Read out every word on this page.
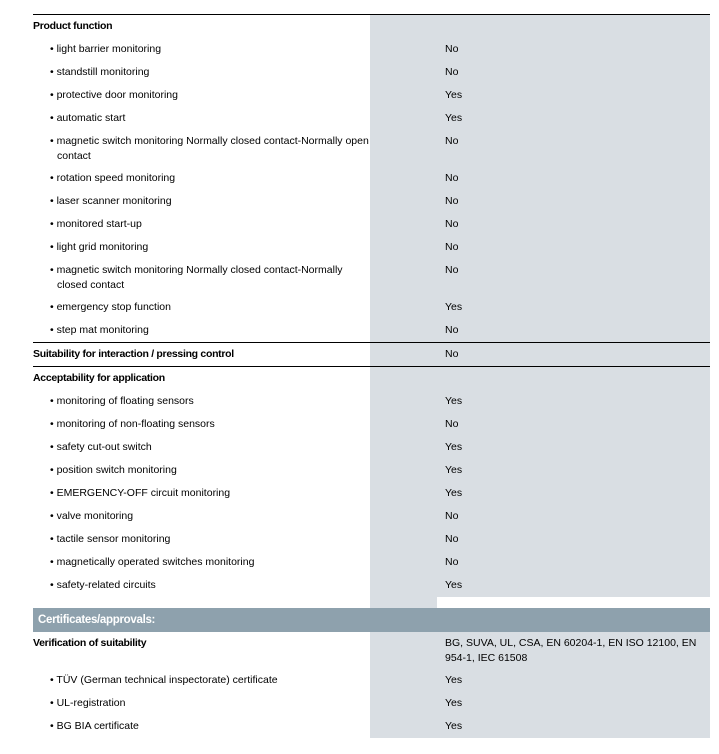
Product function
• light barrier monitoring	No
• standstill monitoring	No
• protective door monitoring	Yes
• automatic start	Yes
• magnetic switch monitoring Normally closed contact-Normally open contact
No
• rotation speed monitoring	No
• laser scanner monitoring	No
• monitored start-up	No
• light grid monitoring	No
• magnetic switch monitoring Normally closed contact-Normally closed contact
No
• emergency stop function	Yes
• step mat monitoring	No
Suitability for interaction / pressing control	No
Acceptability for application
• monitoring of floating sensors	Yes
• monitoring of non-floating sensors	No
• safety cut-out switch	Yes
• position switch monitoring	Yes
• EMERGENCY-OFF circuit monitoring	Yes
• valve monitoring	No
• tactile sensor monitoring	No
• magnetically operated switches monitoring	No
• safety-related circuits	Yes
Certificates/approvals:
Verification of suitability	BG, SUVA, UL, CSA, EN 60204-1, EN ISO 12100, EN 954-1, IEC 61508
• TÜV (German technical inspectorate) certificate	Yes
• UL-registration	Yes
• BG BIA certificate	Yes
